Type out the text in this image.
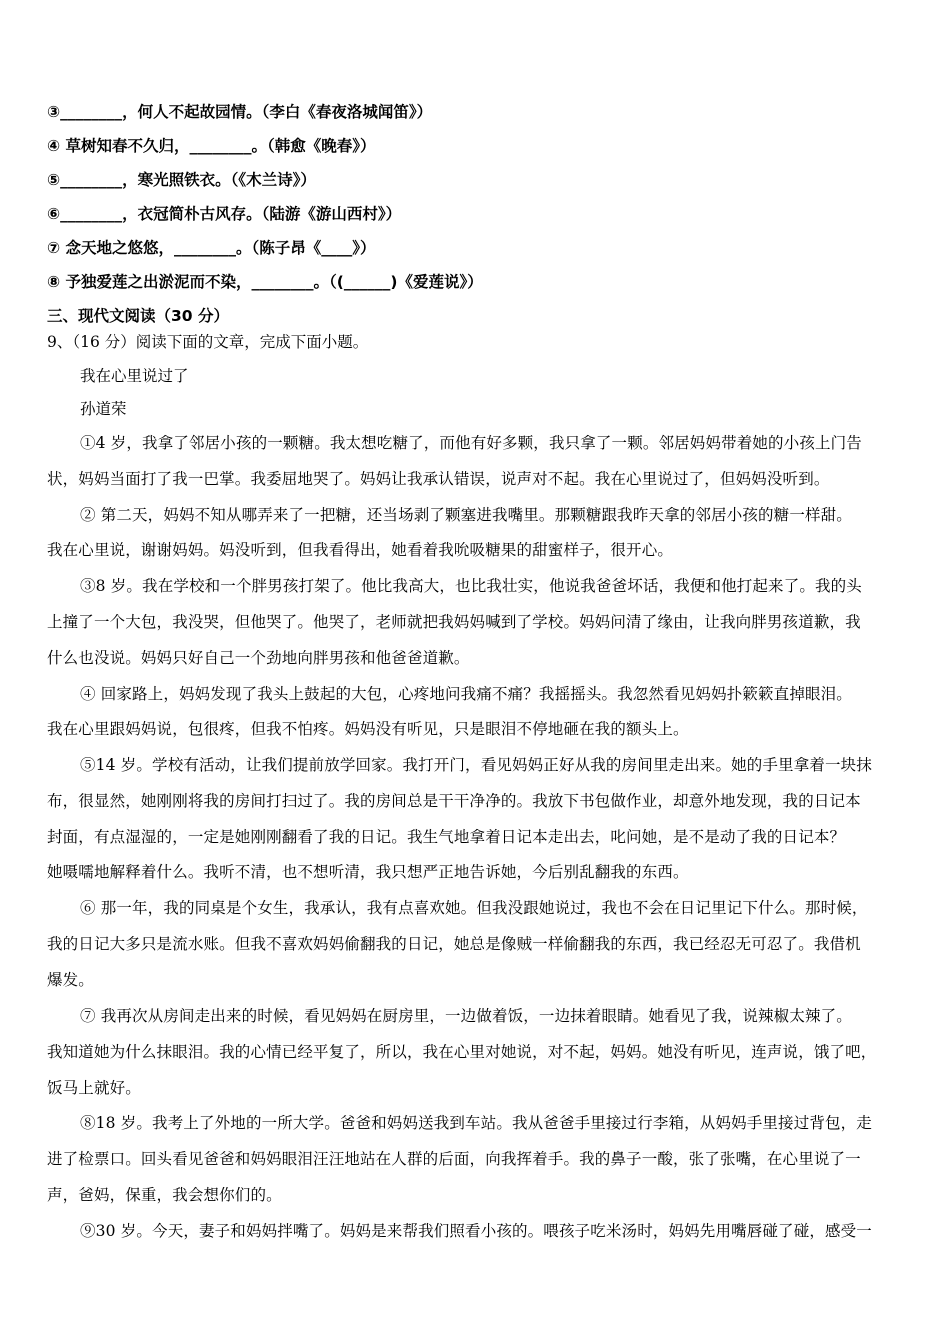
③________，何人不起故园情。（李白《春夜洛城闻笛》）
④ 草树知春不久归，________。（韩愈《晚春》）
⑤________，寒光照铁衣。（《木兰诗》）
⑥________，衣冠简朴古风存。（陆游《游山西村》）
⑦ 念天地之悠悠，________。（陈子昂《____》）
⑧ 予独爱莲之出淤泥而不染，________。（(______)《爱莲说》）
三、现代文阅读（30 分）
9、（16 分）阅读下面的文章，完成下面小题。
我在心里说过了
孙道荣
①4 岁，我拿了邻居小孩的一颗糖。我太想吃糖了，而他有好多颗，我只拿了一颗。邻居妈妈带着她的小孩上门告
状，妈妈当面打了我一巴掌。我委屈地哭了。妈妈让我承认错误，说声对不起。我在心里说过了，但妈妈没听到。
② 第二天，妈妈不知从哪弄来了一把糖，还当场剥了颗塞进我嘴里。那颗糖跟我昨天拿的邻居小孩的糖一样甜。
我在心里说，谢谢妈妈。妈没听到，但我看得出，她看着我吮吸糖果的甜蜜样子，很开心。
③8 岁。我在学校和一个胖男孩打架了。他比我高大，也比我壮实，他说我爸爸坏话，我便和他打起来了。我的头
上撞了一个大包，我没哭，但他哭了。他哭了，老师就把我妈妈喊到了学校。妈妈问清了缘由，让我向胖男孩道歉，我
什么也没说。妈妈只好自己一个劲地向胖男孩和他爸爸道歉。
④ 回家路上，妈妈发现了我头上鼓起的大包，心疼地问我痛不痛？我摇摇头。我忽然看见妈妈扑簌簌直掉眼泪。
我在心里跟妈妈说，包很疼，但我不怕疼。妈妈没有听见，只是眼泪不停地砸在我的额头上。
⑤14 岁。学校有活动，让我们提前放学回家。我打开门，看见妈妈正好从我的房间里走出来。她的手里拿着一块抹
布，很显然，她刚刚将我的房间打扫过了。我的房间总是干干净净的。我放下书包做作业，却意外地发现，我的日记本
封面，有点湿湿的，一定是她刚刚翻看了我的日记。我生气地拿着日记本走出去，叱问她，是不是动了我的日记本？
她嗫嚅地解释着什么。我听不清，也不想听清，我只想严正地告诉她，今后别乱翻我的东西。
⑥ 那一年，我的同桌是个女生，我承认，我有点喜欢她。但我没跟她说过，我也不会在日记里记下什么。那时候，
我的日记大多只是流水账。但我不喜欢妈妈偷翻我的日记，她总是像贼一样偷翻我的东西，我已经忍无可忍了。我借机
爆发。
⑦ 我再次从房间走出来的时候，看见妈妈在厨房里，一边做着饭，一边抹着眼睛。她看见了我，说辣椒太辣了。
我知道她为什么抹眼泪。我的心情已经平复了，所以，我在心里对她说，对不起，妈妈。她没有听见，连声说，饿了吧，
饭马上就好。
⑧18 岁。我考上了外地的一所大学。爸爸和妈妈送我到车站。我从爸爸手里接过行李箱，从妈妈手里接过背包，走
进了检票口。回头看见爸爸和妈妈眼泪汪汪地站在人群的后面，向我挥着手。我的鼻子一酸，张了张嘴，在心里说了一
声，爸妈，保重，我会想你们的。
⑨30 岁。今天，妻子和妈妈拌嘴了。妈妈是来帮我们照看小孩的。喂孩子吃米汤时，妈妈先用嘴唇碰了碰，感受一
